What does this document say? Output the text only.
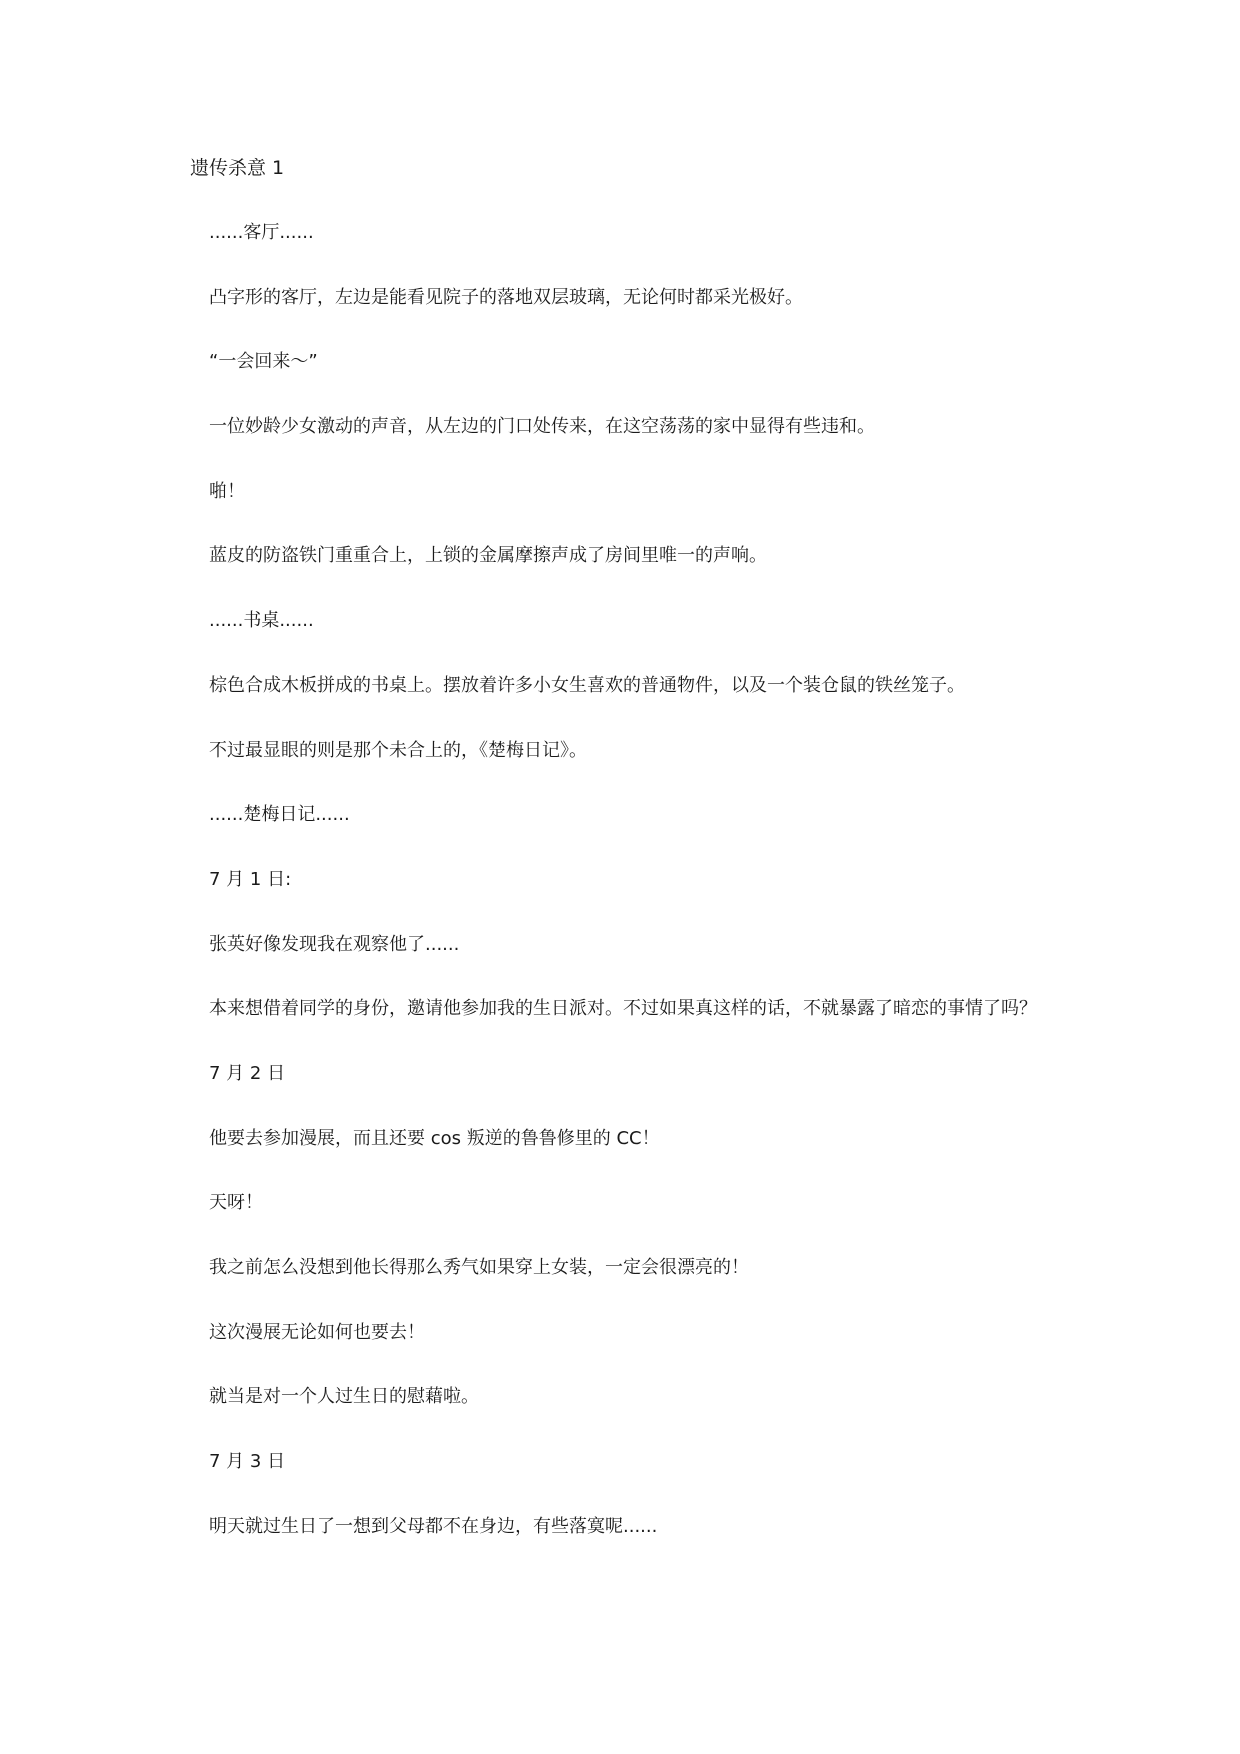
遗传杀意 1
......客厅......
凸字形的客厅，左边是能看见院子的落地双层玻璃，无论何时都采光极好。
“一会回来～”
一位妙龄少女激动的声音，从左边的门口处传来，在这空荡荡的家中显得有些违和。
啪！
蓝皮的防盗铁门重重合上，上锁的金属摩擦声成了房间里唯一的声响。
......书桌......
棕色合成木板拼成的书桌上。摆放着许多小女生喜欢的普通物件，以及一个装仓鼠的铁丝笼子。
不过最显眼的则是那个未合上的，《楚梅日记》。
......楚梅日记......
7 月 1 日:
张英好像发现我在观察他了......
本来想借着同学的身份，邀请他参加我的生日派对。不过如果真这样的话，不就暴露了暗恋的事情了吗？
7 月 2 日
他要去参加漫展，而且还要 cos 叛逆的鲁鲁修里的 CC！
天呀！
我之前怎么没想到他长得那么秀气如果穿上女装，一定会很漂亮的！
这次漫展无论如何也要去！
就当是对一个人过生日的慰藉啦。
7 月 3 日
明天就过生日了一想到父母都不在身边，有些落寞呢......
